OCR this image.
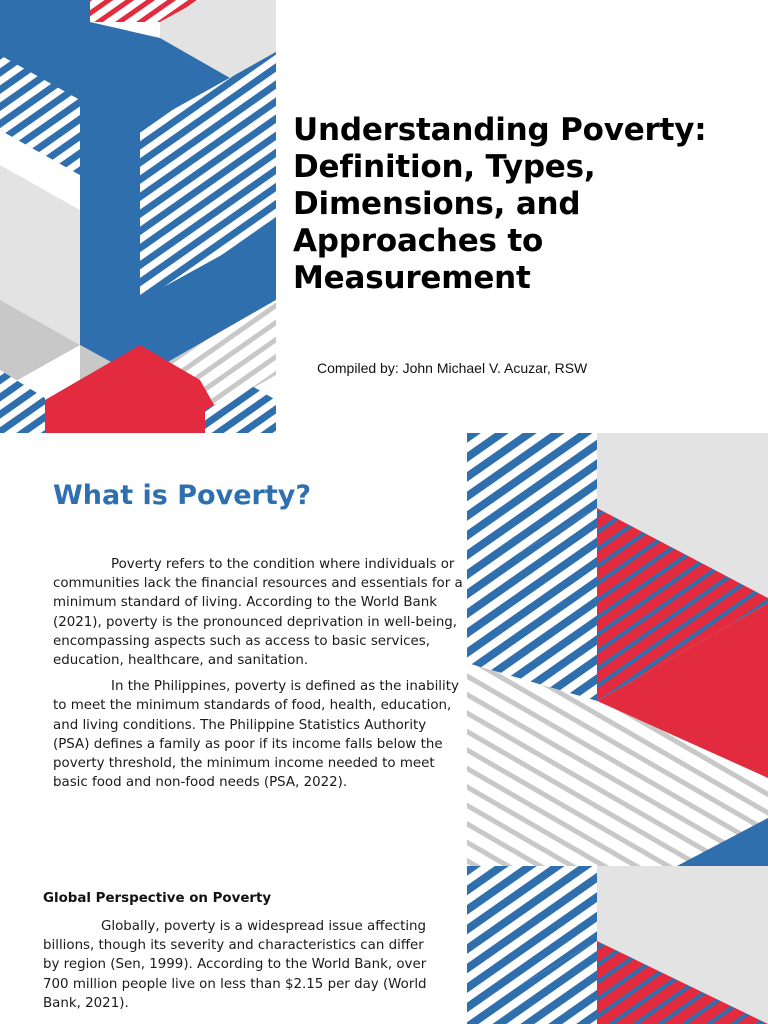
Understanding Poverty: Definition, Types, Dimensions, and Approaches to Measurement
Compiled by: John Michael V. Acuzar, RSW
What is Poverty?

Poverty refers to the condition where individuals or communities lack the financial resources and essentials for a minimum standard of living. According to the World Bank (2021), poverty is the pronounced deprivation in well-being, encompassing aspects such as access to basic services, education, healthcare, and sanitation.

In the Philippines, poverty is defined as the inability to meet the minimum standards of food, health, education, and living conditions. The Philippine Statistics Authority (PSA) defines a family as poor if its income falls below the poverty threshold, the minimum income needed to meet basic food and non-food needs (PSA, 2022).

Global Perspective on Poverty

Globally, poverty is a widespread issue affecting billions, though its severity and characteristics can differ by region (Sen, 1999). According to the World Bank, over 700 million people live on less than $2.15 per day (World Bank, 2021).
